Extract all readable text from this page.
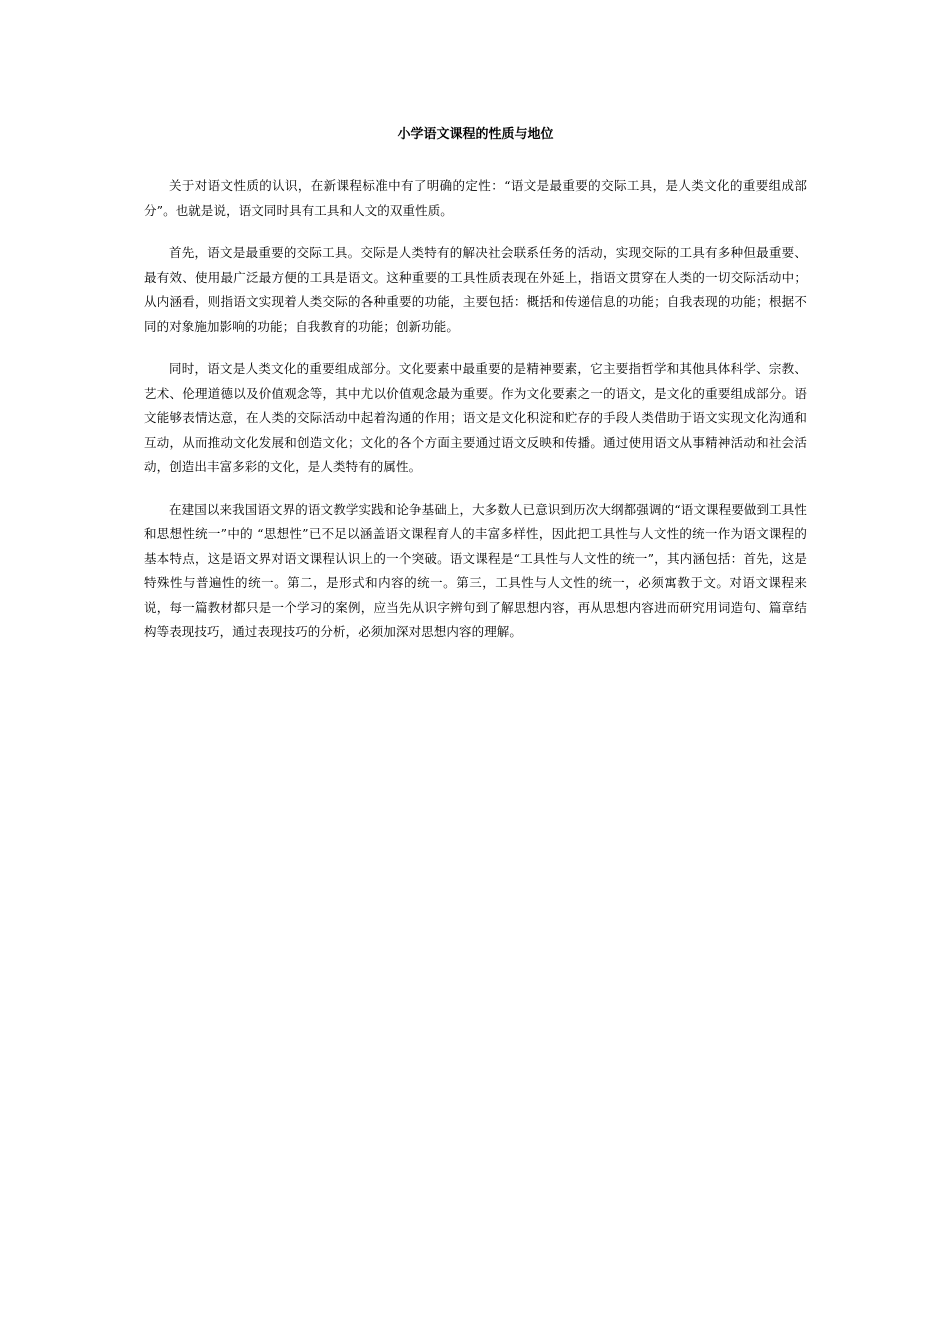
小学语文课程的性质与地位

关于对语文性质的认识，在新课程标准中有了明确的定性：“语文是最重要的交际工具，是人类文化的重要组成部分”。也就是说，语文同时具有工具和人文的双重性质。

首先，语文是最重要的交际工具。交际是人类特有的解决社会联系任务的活动，实现交际的工具有多种但最重要、最有效、使用最广泛最方便的工具是语文。这种重要的工具性质表现在外延上，指语文贯穿在人类的一切交际活动中；从内涵看，则指语文实现着人类交际的各种重要的功能，主要包括：概括和传递信息的功能；自我表现的功能；根据不同的对象施加影响的功能；自我教育的功能；创新功能。

同时，语文是人类文化的重要组成部分。文化要素中最重要的是精神要素，它主要指哲学和其他具体科学、宗教、艺术、伦理道德以及价值观念等，其中尤以价值观念最为重要。作为文化要素之一的语文，是文化的重要组成部分。语文能够表情达意，在人类的交际活动中起着沟通的作用；语文是文化积淀和贮存的手段人类借助于语文实现文化沟通和互动，从而推动文化发展和创造文化；文化的各个方面主要通过语文反映和传播。通过使用语文从事精神活动和社会活动，创造出丰富多彩的文化，是人类特有的属性。

在建国以来我国语文界的语文教学实践和论争基础上，大多数人已意识到历次大纲都强调的“语文课程要做到工具性和思想性统一”中的 “思想性”已不足以涵盖语文课程育人的丰富多样性，因此把工具性与人文性的统一作为语文课程的基本特点，这是语文界对语文课程认识上的一个突破。语文课程是“工具性与人文性的统一”，其内涵包括：首先，这是特殊性与普遍性的统一。第二，是形式和内容的统一。第三，工具性与人文性的统一，必须寓教于文。对语文课程来说，每一篇教材都只是一个学习的案例，应当先从识字辨句到了解思想内容，再从思想内容进而研究用词造句、篇章结构等表现技巧，通过表现技巧的分析，必须加深对思想内容的理解。
